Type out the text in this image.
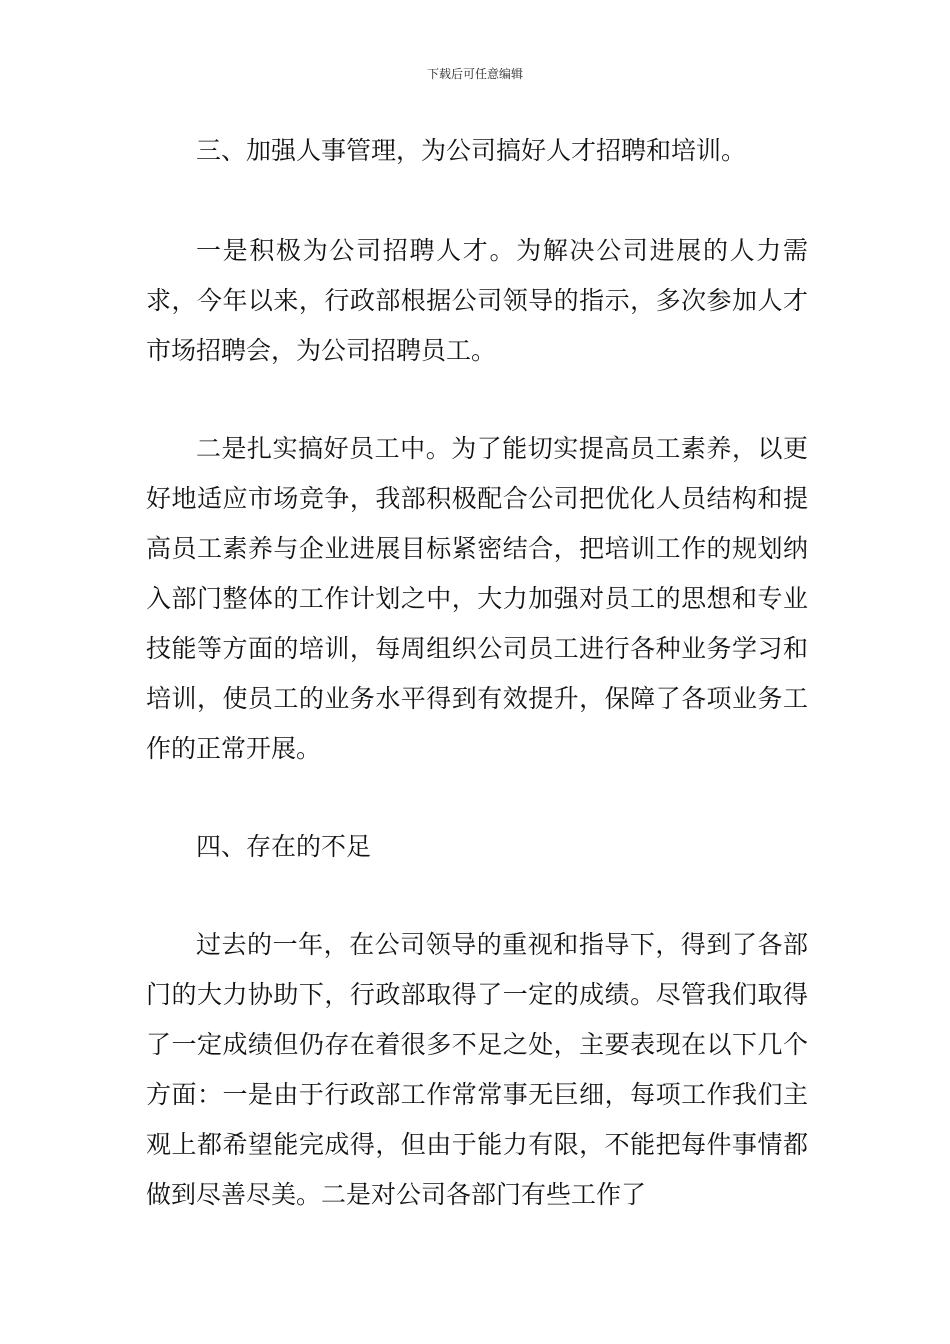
下载后可任意编辑

三、加强人事管理，为公司搞好人才招聘和培训。

一是积极为公司招聘人才。为解决公司进展的人力需求，今年以来，行政部根据公司领导的指示，多次参加人才市场招聘会，为公司招聘员工。

二是扎实搞好员工中。为了能切实提高员工素养，以更好地适应市场竞争，我部积极配合公司把优化人员结构和提高员工素养与企业进展目标紧密结合，把培训工作的规划纳入部门整体的工作计划之中，大力加强对员工的思想和专业技能等方面的培训，每周组织公司员工进行各种业务学习和培训，使员工的业务水平得到有效提升，保障了各项业务工作的正常开展。

四、存在的不足

过去的一年，在公司领导的重视和指导下，得到了各部门的大力协助下，行政部取得了一定的成绩。尽管我们取得了一定成绩但仍存在着很多不足之处，主要表现在以下几个方面：一是由于行政部工作常常事无巨细，每项工作我们主观上都希望能完成得，但由于能力有限，不能把每件事情都做到尽善尽美。二是对公司各部门有些工作了
